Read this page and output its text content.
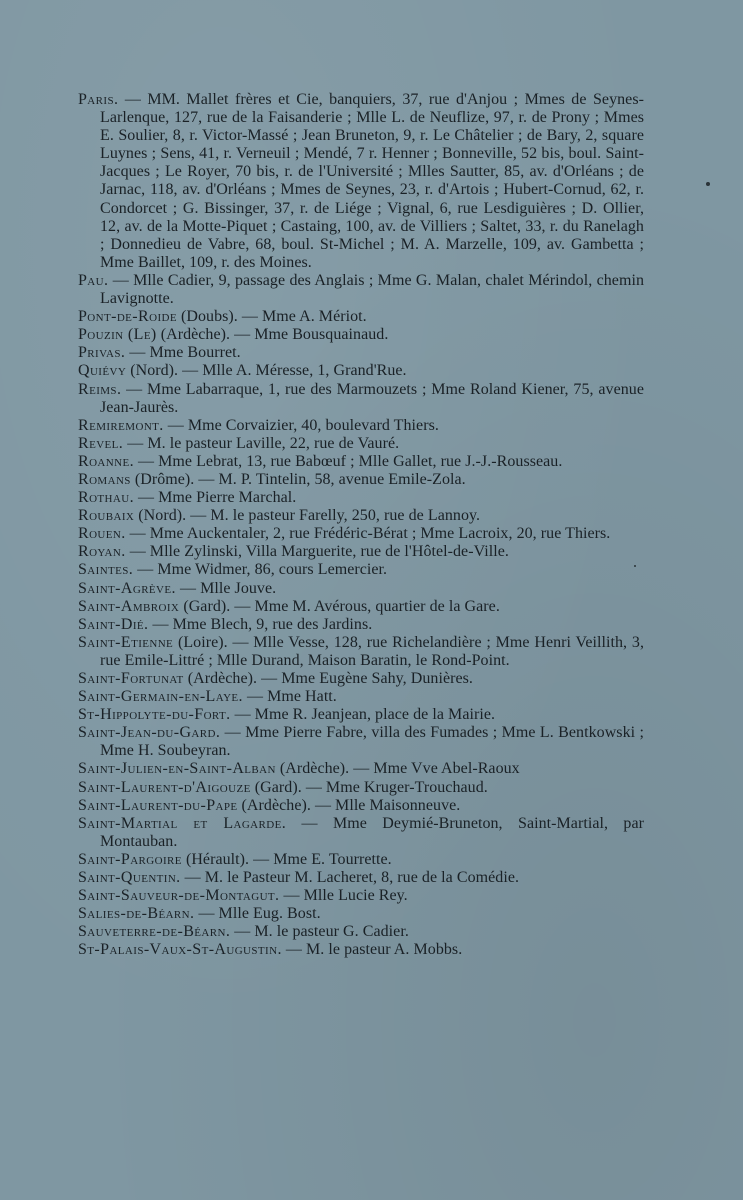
Paris. — MM. Mallet frères et Cie, banquiers, 37, rue d'Anjou ; Mmes de Seynes-Larlenque, 127, rue de la Faisanderie ; Mlle L. de Neuflize, 97, r. de Prony ; Mmes E. Soulier, 8, r. Victor-Massé ; Jean Bruneton, 9, r. Le Châtelier ; de Bary, 2, square Luynes ; Sens, 41, r. Verneuil ; Mendé, 7 r. Henner ; Bonneville, 52 bis, boul. Saint-Jacques ; Le Royer, 70 bis, r. de l'Université ; Mlles Sautter, 85, av. d'Orléans ; de Jarnac, 118, av. d'Orléans ; Mmes de Seynes, 23, r. d'Artois ; Hubert-Cornud, 62, r. Condorcet ; G. Bissinger, 37, r. de Liége ; Vignal, 6, rue Lesdiguières ; D. Ollier, 12, av. de la Motte-Piquet ; Castaing, 100, av. de Villiers ; Saltet, 33, r. du Ranelagh ; Donnedieu de Vabre, 68, boul. St-Michel ; M. A. Marzelle, 109, av. Gambetta ; Mme Baillet, 109, r. des Moines.

Pau. — Mlle Cadier, 9, passage des Anglais ; Mme G. Malan, chalet Mérindol, chemin Lavignotte.

Pont-de-Roide (Doubs). — Mme A. Mériot.

Pouzin (Le) (Ardèche). — Mme Bousquainaud.

Privas. — Mme Bourret.

Quiévy (Nord). — Mlle A. Méresse, 1, Grand'Rue.

Reims. — Mme Labarraque, 1, rue des Marmouzets ; Mme Roland Kiener, 75, avenue Jean-Jaurès.

Remiremont. — Mme Corvaizier, 40, boulevard Thiers.

Revel. — M. le pasteur Laville, 22, rue de Vauré.

Roanne. — Mme Lebrat, 13, rue Babœuf ; Mlle Gallet, rue J.-J.-Rousseau.

Romans (Drôme). — M. P. Tintelin, 58, avenue Emile-Zola.

Rothau. — Mme Pierre Marchal.

Roubaix (Nord). — M. le pasteur Farelly, 250, rue de Lannoy.

Rouen. — Mme Auckentaler, 2, rue Frédéric-Bérat ; Mme Lacroix, 20, rue Thiers.

Royan. — Mlle Zylinski, Villa Marguerite, rue de l'Hôtel-de-Ville.

Saintes. — Mme Widmer, 86, cours Lemercier.

Saint-Agrève. — Mlle Jouve.

Saint-Ambroix (Gard). — Mme M. Avérous, quartier de la Gare.

Saint-Dié. — Mme Blech, 9, rue des Jardins.

Saint-Etienne (Loire). — Mlle Vesse, 128, rue Richelandière ; Mme Henri Veillith, 3, rue Emile-Littré ; Mlle Durand, Maison Baratin, le Rond-Point.

Saint-Fortunat (Ardèche). — Mme Eugène Sahy, Dunières.

Saint-Germain-en-Laye. — Mme Hatt.

St-Hippolyte-du-Fort. — Mme R. Jeanjean, place de la Mairie.

Saint-Jean-du-Gard. — Mme Pierre Fabre, villa des Fumades ; Mme L. Bentkowski ; Mme H. Soubeyran.

Saint-Julien-en-Saint-Alban (Ardèche). — Mme Vve Abel-Raoux

Saint-Laurent-d'Aigouze (Gard). — Mme Kruger-Trouchaud.

Saint-Laurent-du-Pape (Ardèche). — Mlle Maisonneuve.

Saint-Martial et Lagarde. — Mme Deymié-Bruneton, Saint-Martial, par Montauban.

Saint-Pargoire (Hérault). — Mme E. Tourrette.

Saint-Quentin. — M. le Pasteur M. Lacheret, 8, rue de la Comédie.

Saint-Sauveur-de-Montagut. — Mlle Lucie Rey.

Salies-de-Béarn. — Mlle Eug. Bost.

Sauveterre-de-Béarn. — M. le pasteur G. Cadier.

St-Palais-Vaux-St-Augustin. — M. le pasteur A. Mobbs.
